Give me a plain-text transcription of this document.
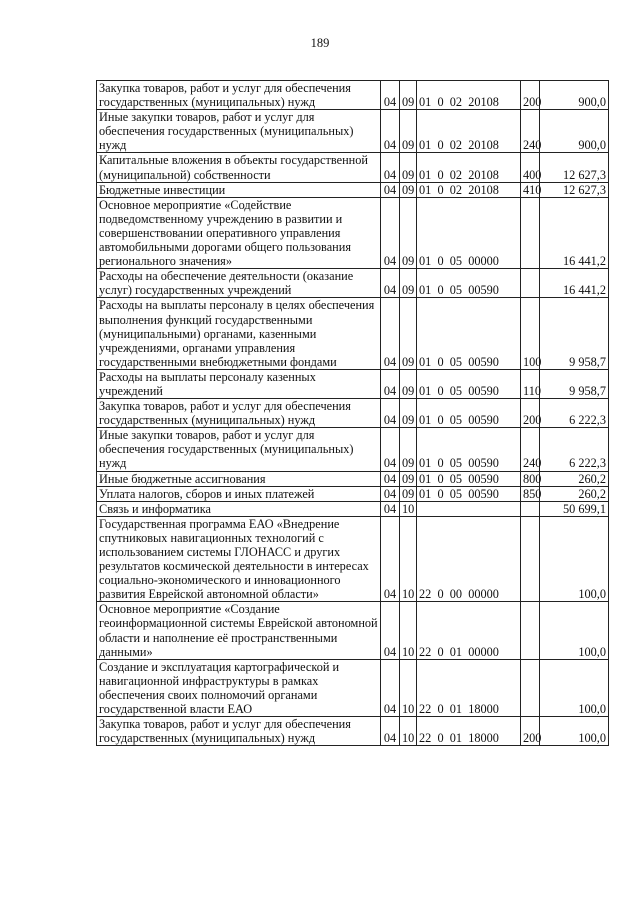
189
Закупка товаров, работ и услуг для обеспечения государственных (муниципальных) нужд	04	09	01  0  02  20108	200	900,0
Иные закупки товаров, работ и услуг для обеспечения государственных (муниципальных) нужд	04	09	01  0  02  20108	240	900,0
Капитальные вложения в объекты государственной (муниципальной) собственности	04	09	01  0  02  20108	400	12 627,3
Бюджетные инвестиции	04	09	01  0  02  20108	410	12 627,3
Основное мероприятие «Содействие подведомственному учреждению в развитии и совершенствовании оперативного управления автомобильными дорогами общего пользования регионального значения»	04	09	01  0  05  00000		16 441,2
Расходы на обеспечение деятельности (оказание услуг) государственных учреждений	04	09	01  0  05  00590		16 441,2
Расходы на выплаты персоналу в целях обеспечения выполнения функций государственными (муниципальными) органами, казенными учреждениями, органами управления государственными внебюджетными фондами	04	09	01  0  05  00590	100	9 958,7
Расходы на выплаты персоналу казенных учреждений	04	09	01  0  05  00590	110	9 958,7
Закупка товаров, работ и услуг для обеспечения государственных (муниципальных) нужд	04	09	01  0  05  00590	200	6 222,3
Иные закупки товаров, работ и услуг для обеспечения государственных (муниципальных) нужд	04	09	01  0  05  00590	240	6 222,3
Иные бюджетные ассигнования	04	09	01  0  05  00590	800	260,2
Уплата налогов, сборов и иных платежей	04	09	01  0  05  00590	850	260,2
Связь и информатика	04	10			50 699,1
Государственная программа ЕАО «Внедрение спутниковых навигационных технологий с использованием системы ГЛОНАСС и других результатов космической деятельности в интересах социально-экономического и инновационного развития Еврейской автономной области»	04	10	22  0  00  00000		100,0
Основное мероприятие «Создание геоинформационной системы Еврейской автономной области и наполнение её пространственными данными»	04	10	22  0  01  00000		100,0
Создание и эксплуатация картографической и навигационной инфраструктуры в рамках обеспечения своих полномочий органами государственной власти ЕАО	04	10	22  0  01  18000		100,0
Закупка товаров, работ и услуг для обеспечения государственных (муниципальных) нужд	04	10	22  0  01  18000	200	100,0
